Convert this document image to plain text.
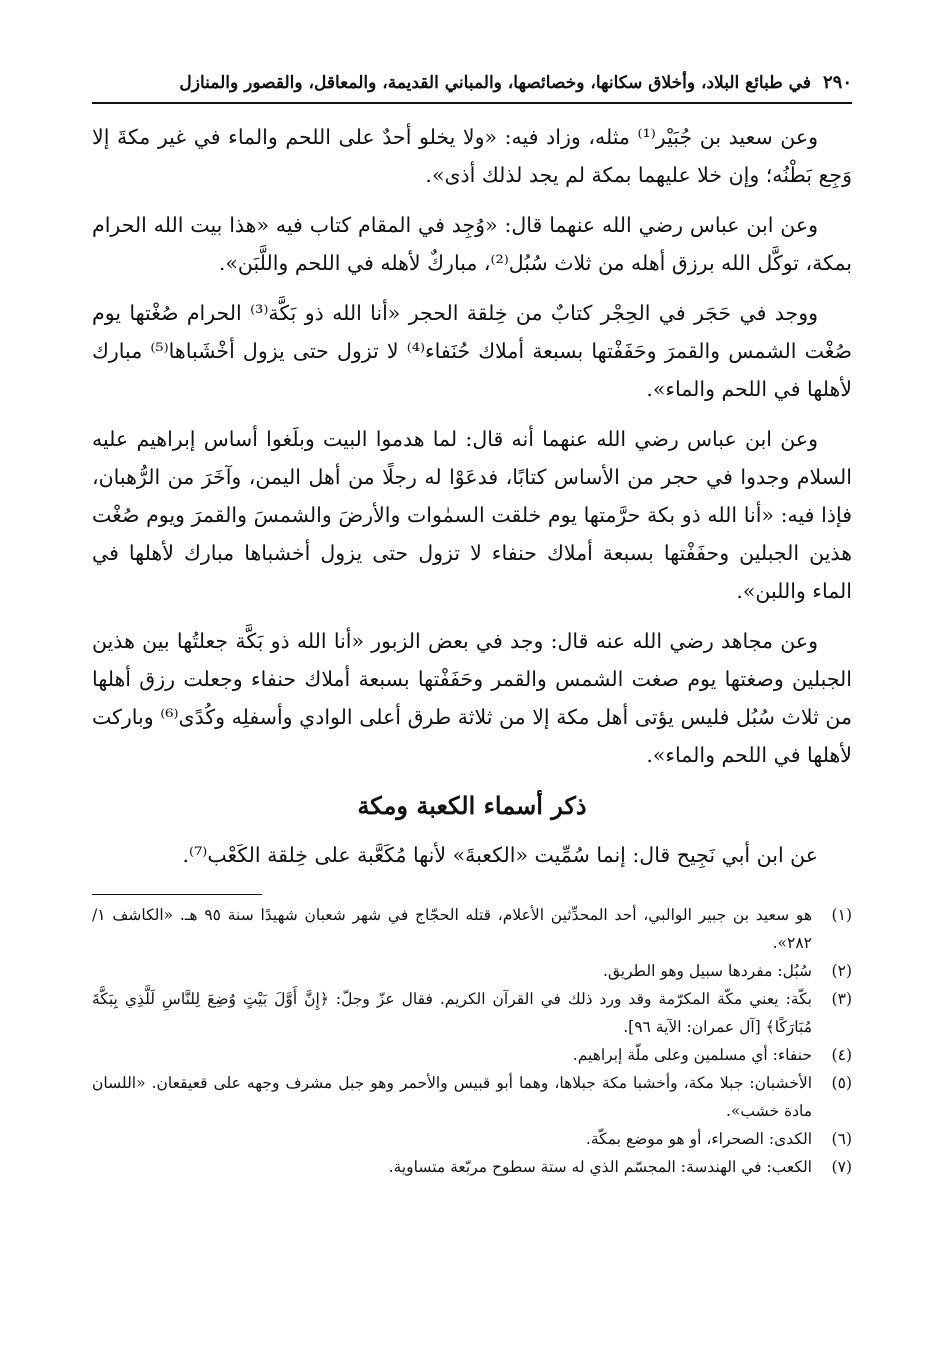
٢٩٠
في طبائع البلاد، وأخلاق سكانها، وخصائصها، والمباني القديمة، والمعاقل، والقصور والمنازل

وعن سعيد بن جُبَيْر⁽¹⁾ مثله، وزاد فيه: «ولا يخلو أحدٌ على اللحم والماء في غير مكةَ إلا وَجِع بَطْنُه؛ وإن خلا عليهما بمكة لم يجد لذلك أذى».

وعن ابن عباس رضي الله عنهما قال: «وُجِد في المقام كتاب فيه «هذا بيت الله الحرام بمكة، توكَّل الله برزق أهله من ثلاث سُبُل⁽²⁾، مباركٌ لأهله في اللحم واللَّبَن».

ووجد في حَجَر في الحِجْر كتابٌ من خِلقة الحجر «أنا الله ذو بَكَّة⁽³⁾ الحرام صُغْتها يوم صُغْت الشمس والقمرَ وحَفَفْتها بسبعة أملاك حُنَفاء⁽⁴⁾ لا تزول حتى يزول أخْشَباها⁽⁵⁾ مبارك لأهلها في اللحم والماء».

وعن ابن عباس رضي الله عنهما أنه قال: لما هدموا البيت وبلَغوا أساس إبراهيم عليه السلام وجدوا في حجر من الأساس كتابًا، فدعَوْا له رجلًا من أهل اليمن، وآخَرَ من الرُّهبان، فإذا فيه: «أنا الله ذو بكة حرَّمتها يوم خلقت السمٰوات والأرضَ والشمسَ والقمرَ ويوم صُغْت هذين الجبلين وحفَفْتها بسبعة أملاك حنفاء لا تزول حتى يزول أخشباها مبارك لأهلها في الماء واللبن».

وعن مجاهد رضي الله عنه قال: وجد في بعض الزبور «أنا الله ذو بَكَّة جعلتُها بين هذين الجبلين وصغتها يوم صغت الشمس والقمر وحَفَفْتها بسبعة أملاك حنفاء وجعلت رزق أهلها من ثلاث سُبُل فليس يؤتى أهل مكة إلا من ثلاثة طرق أعلى الوادي وأسفلِه وكُدًى⁽⁶⁾ وباركت لأهلها في اللحم والماء».

ذكر أسماء الكعبة ومكة

عن ابن أبي نَجِيح قال: إنما سُمِّيت «الكعبةَ» لأنها مُكَعَّبة على خِلقة الكَعْب⁽⁷⁾.

(١)
هو سعيد بن جبير الوالبي، أحد المحدِّثين الأعلام، قتله الحجّاج في شهر شعبان شهيدًا سنة ٩٥ هـ. «الكاشف ١/ ٢٨٢».
(٢)
سُبُل: مفردها سبيل وهو الطريق.
(٣)
بكّة: يعني مكّة المكرّمة وقد ورد ذلك في القرآن الكريم. فقال عزّ وجلّ: ﴿إِنَّ أَوَّلَ بَيْتٍ وُضِعَ لِلنَّاسِ لَلَّذِي بِبَكَّةَ مُبَارَكًا﴾ [آل عمران: الآية ٩٦].
(٤)
حنفاء: أي مسلمين وعلى ملّة إبراهيم.
(٥)
الأخشبان: جبلا مكة، وأخشبا مكة جبلاها، وهما أبو قبيس والأحمر وهو جبل مشرف وجهه على قعيقعان. «اللسان مادة خشب».
(٦)
الكدى: الصحراء، أو هو موضع بمكّة.
(٧)
الكعب: في الهندسة: المجسّم الذي له ستة سطوح مربّعة متساوية.
